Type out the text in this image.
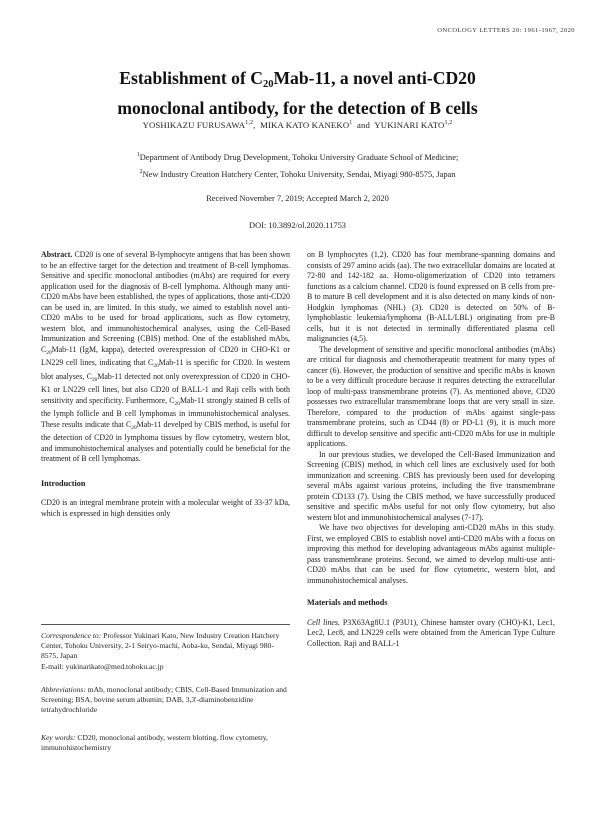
ONCOLOGY LETTERS 20: 1961-1967, 2020
Establishment of $C_{20}Mab-11$, a novel anti-CD20
monoclonal antibody, for the detection of B cells
YOSHIKAZU FURUSAWA$^{1,2}$,  MIKA KATO KANEKO$^1$  and  YUKINARI KATO$^{1,2}$
$^1$Department of Antibody Drug Development, Tohoku University Graduate School of Medicine;
$^2$New Industry Creation Hatchery Center, Tohoku University, Sendai, Miyagi 980-8575, Japan
Received November 7, 2019; Accepted March 2, 2020
DOI: 10.3892/ol.2020.11753

Abstract. CD20 is one of several B-lymphocyte antigens that has been shown to be an effective target for the detection and treatment of B-cell lymphomas. Sensitive and specific monoclonal antibodies (mAbs) are required for every application used for the diagnosis of B-cell lymphoma. Although many anti-CD20 mAbs have been established, the types of applications, those anti-CD20 can be used in, are limited. In this study, we aimed to establish novel anti-CD20 mAbs to be used for broad applications, such as flow cytometry, western blot, and immunohistochemical analyses, using the Cell-Based Immunization and Screening (CBIS) method. One of the established mAbs, $C_{20}Mab-11$ (IgM, kappa), detected overexpression of CD20 in CHO-K1 or LN229 cell lines, indicating that $C_{20}Mab-11$ is specific for CD20. In western blot analyses, $C_{20}Mab-11$ detected not only overexpression of CD20 in CHO-K1 or LN229 cell lines, but also CD20 of BALL-1 and Raji cells with both sensitivity and specificity. Furthermore, $C_{20}Mab-11$ strongly stained B cells of the lymph follicle and B cell lymphomas in immunohistochemical analyses. These results indicate that $C_{20}Mab-11$ develped by CBIS method, is useful for the detection of CD20 in lymphoma tissues by flow cytometry, western blot, and immunohistochemical analyses and potentially could be beneficial for the treatment of B cell lymphomas.

Introduction

CD20 is an integral membrane protein with a molecular weight of 33-37 kDa, which is expressed in high densities only

Correspondence to: Professor Yukinari Kato, New Industry Creation Hatchery Center, Tohoku University, 2-1 Seiryo-machi, Aoba-ku, Sendai, Miyagi 980-8575, Japan

E-mail: yukinarikato@med.tohoku.ac.jp

Abbreviations: mAb, monoclonal antibody; CBIS, Cell-Based Immunization and Screening; BSA, bovine serum albumin; DAB, 3,3'-diaminobenzidine tetrahydrochloride

Key words: CD20, monoclonal antibody, western blotting, flow cytometry, immunohistochemistry

on B lymphocytes (1,2). CD20 has four membrane-spanning domains and consists of 297 amino acids (aa). The two extracellular domains are located at 72-80 and 142-182 aa. Homo-oligomerization of CD20 into tetramers functions as a calcium channel. CD20 is found expressed on B cells from pre-B to mature B cell development and it is also detected on many kinds of non-Hodgkin lymphomas (NHL) (3). CD20 is detected on 50% of B-lymphoblastic leukemia/lymphoma (B-ALL/LBL) originating from pre-B cells, but it is not detected in terminally differentiated plasma cell malignancies (4,5).

The development of sensitive and specific monoclonal antibodies (mAbs) are critical for diagnosis and chemotherapeutic treatment for many types of cancer (6). However, the production of sensitive and specific mAbs is known to be a very difficult procedure because it requires detecting the extracellular loop of multi-pass transmembrane proteins (7). As mentioned above, CD20 possesses two extracellular transmembrane loops that are very small in size. Therefore, compared to the production of mAbs against single-pass transmembrane proteins, such as CD44 (8) or PD-L1 (9), it is much more difficult to develop sensitive and specific anti-CD20 mAbs for use in multiple applications.

In our previous studies, we developed the Cell-Based Immunization and Screening (CBIS) method, in which cell lines are exclusively used for both immunization and screening. CBIS has previously been used for developing several mAbs against various proteins, including the five transmembrane protein CD133 (7). Using the CBIS method, we have successfully produced sensitive and specific mAbs useful for not only flow cytometry, but also western blot and immunohistochemical analyses (7-17).

We have two objectives for developing anti-CD20 mAbs in this study. First, we employed CBIS to establish novel anti-CD20 mAbs with a focus on improving this method for developing advantageous mAbs against multiple-pass transmembrane proteins. Second, we aimed to develop multi-use anti-CD20 mAbs that can be used for flow cytometric, western blot, and immunohistochemical analyses.

Materials and methods

Cell lines. P3X63Ag8U.1 (P3U1), Chinese hamster ovary (CHO)-K1, Lec1, Lec2, Lec8, and LN229 cells were obtained from the American Type Culture Collection. Raji and BALL-1
